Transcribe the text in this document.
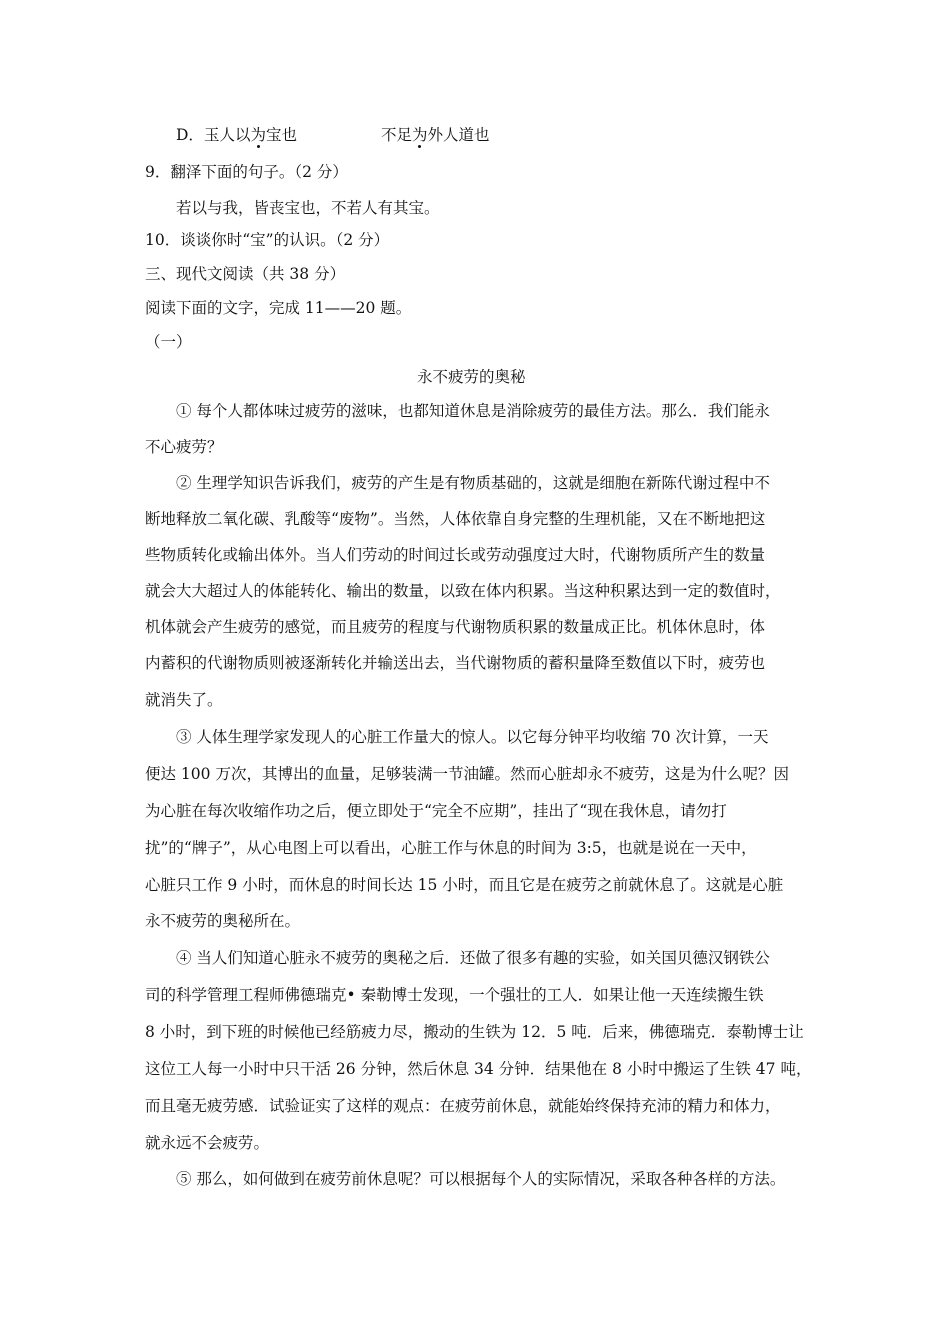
D．玉人以为宝也	不足为外人道也
9．翻泽下面的句子。（2 分）
若以与我，皆丧宝也，不若人有其宝。
10．谈谈你时“宝”的认识。（2 分）
三、现代文阅读（共 38 分）
阅读下面的文字，完成 11——20 题。
（一）
永不疲劳的奥秘
① 每个人都体味过疲劳的滋味，也都知道休息是消除疲劳的最佳方法。那么．我们能永
不心疲劳？
② 生理学知识告诉我们，疲劳的产生是有物质基础的，这就是细胞在新陈代谢过程中不
断地释放二氧化碳、乳酸等“废物”。当然，人体依靠自身完整的生理机能，又在不断地把这
些物质转化或输出体外。当人们劳动的时间过长或劳动强度过大时，代谢物质所产生的数量
就会大大超过人的体能转化、输出的数量，以致在体内积累。当这种积累达到一定的数值时，
机体就会产生疲劳的感觉，而且疲劳的程度与代谢物质积累的数量成正比。机体休息时，体
内蓄积的代谢物质则被逐渐转化并输送出去，当代谢物质的蓄积量降至数值以下时，疲劳也
就消失了。
③ 人体生理学家发现人的心脏工作量大的惊人。以它每分钟平均收缩 70 次计算，一天
便达 100 万次，其博出的血量，足够装满一节油罐。然而心脏却永不疲劳，这是为什么呢？因
为心脏在每次收缩作功之后，便立即处于“完全不应期”，挂出了“现在我休息，请勿打
扰”的“牌子”，从心电图上可以看出，心脏工作与休息的时间为 3:5，也就是说在一天中，
心脏只工作 9 小时，而休息的时间长达 15 小时，而且它是在疲劳之前就休息了。这就是心脏
永不疲劳的奥秘所在。
④ 当人们知道心脏永不疲劳的奥秘之后．还做了很多有趣的实验，如关国贝德汉钢铁公
司的科学管理工程师佛德瑞克• 秦勒博士发现，一个强壮的工人．如果让他一天连续搬生铁
8 小时，到下班的时候他已经筋疲力尽，搬动的生铁为 12．5 吨．后来，佛德瑞克．泰勒博士让
这位工人每一小时中只干活 26 分钟，然后休息 34 分钟．结果他在 8 小时中搬运了生铁 47 吨，
而且毫无疲劳感．试验证实了这样的观点：在疲劳前休息，就能始终保持充沛的精力和体力，
就永远不会疲劳。
⑤ 那么，如何做到在疲劳前休息呢？可以根据每个人的实际情况，采取各种各样的方法。
